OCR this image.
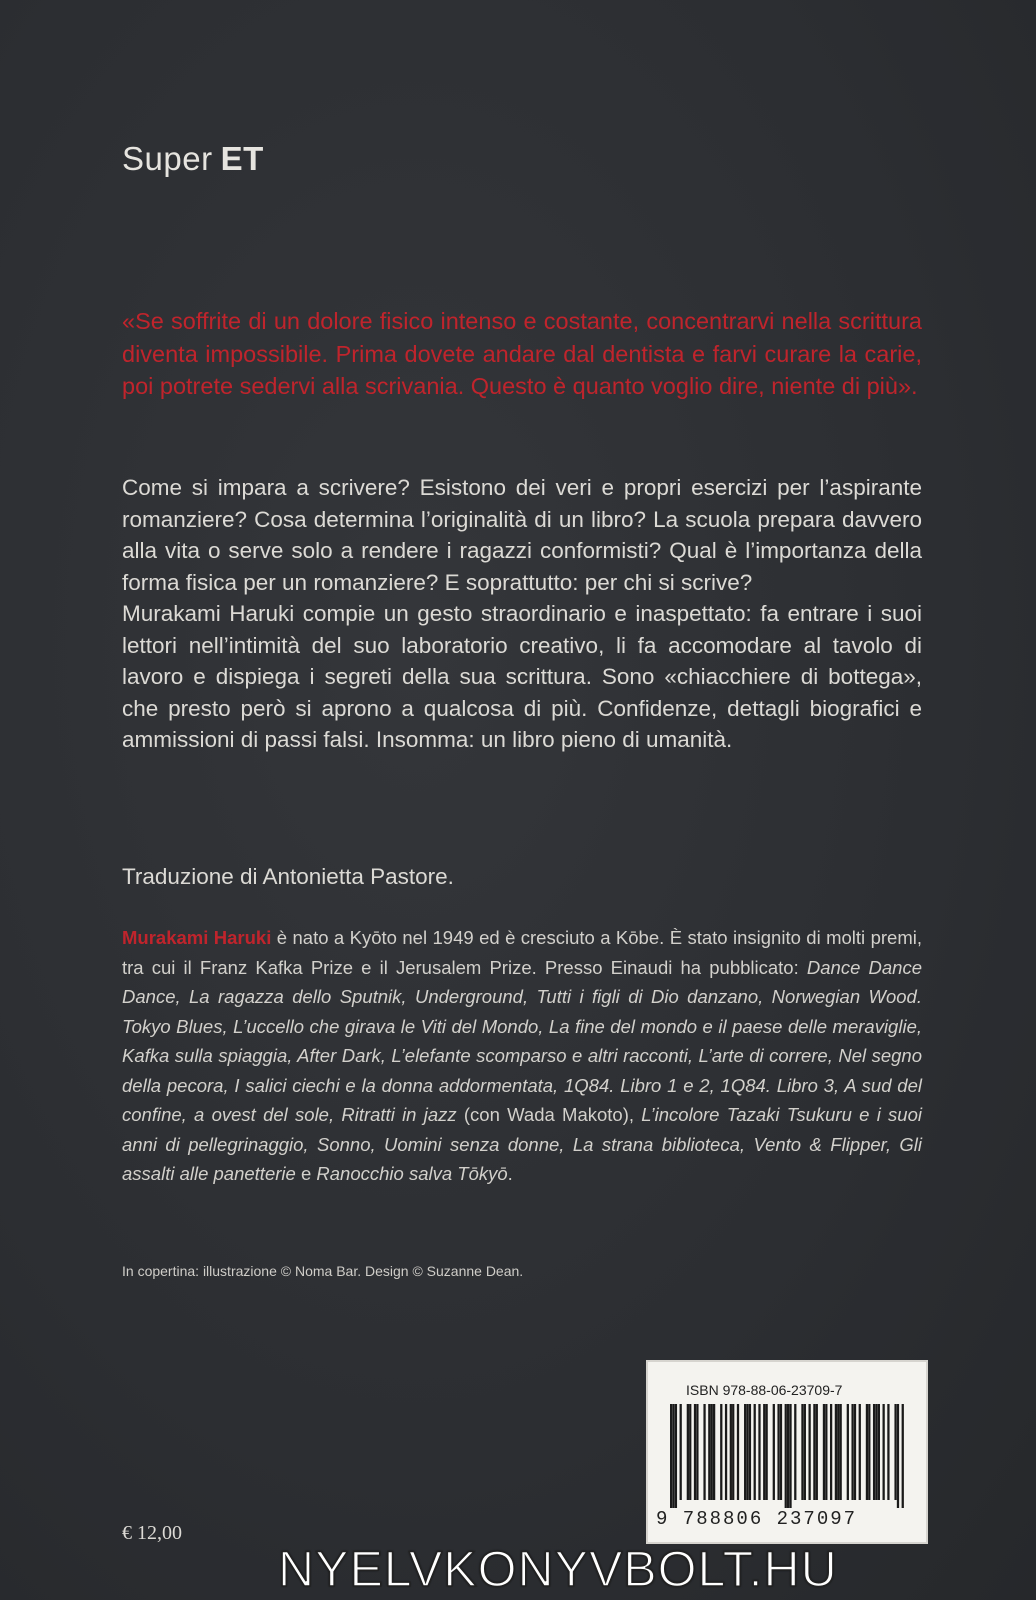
Super ET
«Se soffrite di un dolore fisico intenso e costante, concentrarvi nella scrittura diventa impossibile. Prima dovete andare dal dentista e farvi curare la carie, poi potrete sedervi alla scrivania. Questo è quanto voglio dire, niente di più».

Come si impara a scrivere? Esistono dei veri e propri esercizi per l’aspirante romanziere? Cosa determina l’originalità di un libro? La scuola prepara davvero alla vita o serve solo a rendere i ragazzi conformisti? Qual è l’importanza della forma fisica per un romanziere? E soprattutto: per chi si scrive?

Murakami Haruki compie un gesto straordinario e inaspettato: fa entrare i suoi lettori nell’intimità del suo laboratorio creativo, li fa accomodare al tavolo di lavoro e dispiega i segreti della sua scrittura. Sono «chiacchiere di bottega», che presto però si aprono a qualcosa di più. Confidenze, dettagli biografici e ammissioni di passi falsi. Insomma: un libro pieno di umanità.

Traduzione di Antonietta Pastore.
Murakami Haruki è nato a Kyōto nel 1949 ed è cresciuto a Kōbe. È stato insignito di molti premi, tra cui il Franz Kafka Prize e il Jerusalem Prize. Presso Einaudi ha pubblicato: Dance Dance Dance, La ragazza dello Sputnik, Underground, Tutti i figli di Dio danzano, Norwegian Wood. Tokyo Blues, L’uccello che girava le Viti del Mondo, La fine del mondo e il paese delle meraviglie, Kafka sulla spiaggia, After Dark, L’elefante scomparso e altri racconti, L’arte di correre, Nel segno della pecora, I salici ciechi e la donna addormentata, 1Q84. Libro 1 e 2, 1Q84. Libro 3, A sud del confine, a ovest del sole, Ritratti in jazz (con Wada Makoto), L’incolore Tazaki Tsukuru e i suoi anni di pellegrinaggio, Sonno, Uomini senza donne, La strana biblioteca, Vento & Flipper, Gli assalti alle panetterie e Ranocchio salva Tōkyō.
In copertina: illustrazione © Noma Bar. Design © Suzanne Dean.
ISBN 978-88-06-23709-7
9 788806 237097
€ 12,00
NYELVKONYVBOLT.HU
